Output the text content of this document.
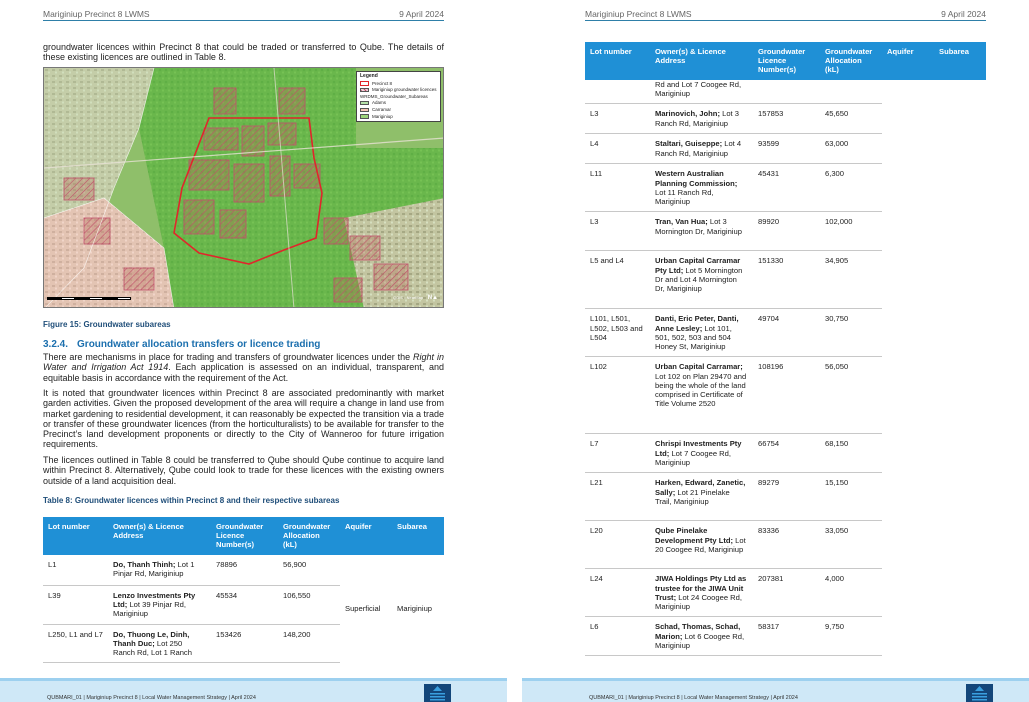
Mariginiup Precinct 8 LWMS	9 April 2024

groundwater licences within Precinct 8 that could be traded or transferred to Qube. The details of these existing licences are outlined in Table 8.

Legend
Precinct 8
Mariginiup groundwater licences
WRDMS_Groundwater_Subareas
Adams
Carramar
Mariginiup
QGIS • NearMap N▲
Figure 15: Groundwater subareas
3.2.4. Groundwater allocation transfers or licence trading

There are mechanisms in place for trading and transfers of groundwater licences under the Right in Water and Irrigation Act 1914. Each application is assessed on an individual, transparent, and equitable basis in accordance with the requirement of the Act.

It is noted that groundwater licences within Precinct 8 are associated predominantly with market garden activities. Given the proposed development of the area will require a change in land use from market gardening to residential development, it can reasonably be expected the transition via a trade or transfer of these groundwater licences (from the horticulturalists) to be available for transfer to the Precinct’s land development proponents or directly to the City of Wanneroo for future irrigation requirements.

The licences outlined in Table 8 could be transferred to Qube should Qube continue to acquire land within Precinct 8. Alternatively, Qube could look to trade for these licences with the existing owners outside of a land acquisition deal.

Table 8: Groundwater licences within Precinct 8 and their respective subareas
Lot number	Owner(s) & Licence Address	Groundwater Licence Number(s)	Groundwater Allocation (kL)	Aquifer	Subarea
L1	Do, Thanh Thinh; Lot 1 Pinjar Rd, Mariginiup	78896	56,900	Superficial	Mariginiup
L39	Lenzo Investments Pty Ltd; Lot 39 Pinjar Rd, Mariginiup	45534	106,550		
L250, L1 and L7	Do, Thuong Le, Dinh, Thanh Duc; Lot 250 Ranch Rd, Lot 1 Ranch	153426	148,200		
QUBMARI_01 | Mariginiup Precinct 8 | Local Water Management Strategy | April 2024
Mariginiup Precinct 8 LWMS	9 April 2024
Lot number	Owner(s) & Licence Address	Groundwater Licence Number(s)	Groundwater Allocation (kL)	Aquifer	Subarea
	Rd and Lot 7 Coogee Rd, Mariginiup				
L3	Marinovich, John; Lot 3 Ranch Rd, Mariginiup	157853	45,650		
L4	Staltari, Guiseppe; Lot 4 Ranch Rd, Mariginiup	93599	63,000		
L11	Western Australian Planning Commission; Lot 11 Ranch Rd, Mariginiup	45431	6,300		
L3	Tran, Van Hua; Lot 3 Mornington Dr, Mariginiup	89920	102,000		
L5 and L4	Urban Capital Carramar Pty Ltd; Lot 5 Mornington Dr and Lot 4 Mornington Dr, Mariginiup	151330	34,905		
L101, L501, L502, L503 and L504	Danti, Eric Peter, Danti, Anne Lesley; Lot 101, 501, 502, 503 and 504 Honey St, Mariginiup	49704	30,750		
L102	Urban Capital Carramar; Lot 102 on Plan 29470 and being the whole of the land comprised in Certificate of Title Volume 2520	108196	56,050		
L7	Chrispi Investments Pty Ltd; Lot 7 Coogee Rd, Mariginiup	66754	68,150		
L21	Harken, Edward, Zanetic, Sally; Lot 21 Pinelake Trail, Mariginiup	89279	15,150		
L20	Qube Pinelake Development Pty Ltd; Lot 20 Coogee Rd, Mariginiup	83336	33,050		
L24	JIWA Holdings Pty Ltd as trustee for the JIWA Unit Trust; Lot 24 Coogee Rd, Mariginiup	207381	4,000		
L6	Schad, Thomas, Schad, Marion; Lot 6 Coogee Rd, Mariginiup	58317	9,750		
QUBMARI_01 | Mariginiup Precinct 8 | Local Water Management Strategy | April 2024
